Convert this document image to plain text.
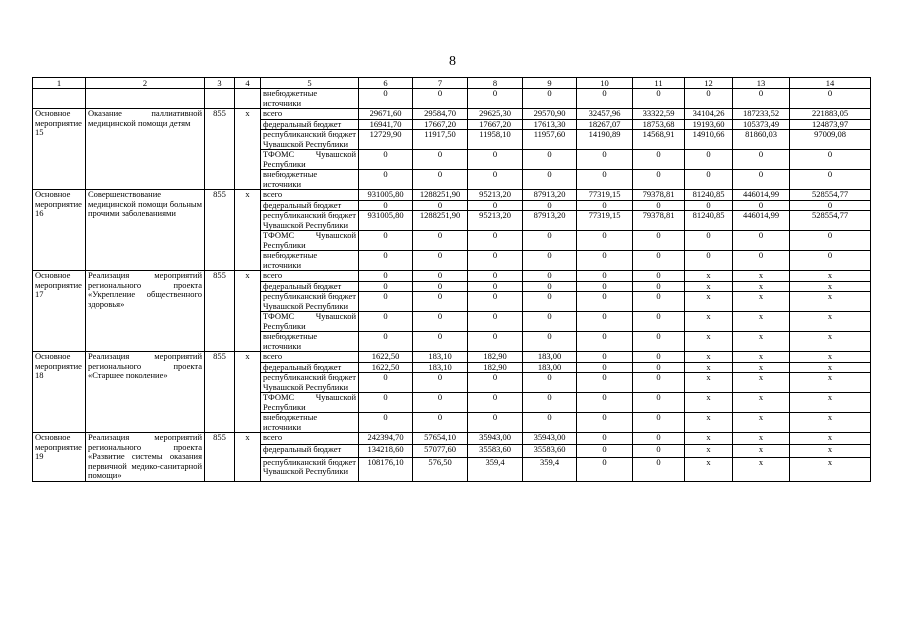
8
1	2	3	4	5	6	7	8	9	10	11	12	13	14
				внебюджетные источники	0	0	0	0	0	0	0	0	0
Основное мероприятие 15	Оказание паллиативной медицинской помощи детям	855	x	всего	29671,60	29584,70	29625,30	29570,90	32457,96	33322,59	34104,26	187233,52	221883,05
				федеральный бюджет	16941,70	17667,20	17667,20	17613,30	18267,07	18753,68	19193,60	105373,49	124873,97
				республиканский бюджет Чувашской Республики	12729,90	11917,50	11958,10	11957,60	14190,89	14568,91	14910,66	81860,03	97009,08
				ТФОМС Чувашской Республики	0	0	0	0	0	0	0	0	0
				внебюджетные источники	0	0	0	0	0	0	0	0	0
Основное мероприятие 16	Совершенствование медицинской помощи больным прочими заболеваниями	855	x	всего	931005,80	1288251,90	95213,20	87913,20	77319,15	79378,81	81240,85	446014,99	528554,77
				федеральный бюджет	0	0	0	0	0	0	0	0	0
				республиканский бюджет Чувашской Республики	931005,80	1288251,90	95213,20	87913,20	77319,15	79378,81	81240,85	446014,99	528554,77
				ТФОМС Чувашской Республики	0	0	0	0	0	0	0	0	0
				внебюджетные источники	0	0	0	0	0	0	0	0	0
Основное мероприятие 17	Реализация мероприятий регионального проекта «Укрепление общественного здоровья»	855	x	всего	0	0	0	0	0	0	x	x	x
				федеральный бюджет	0	0	0	0	0	0	x	x	x
				республиканский бюджет Чувашской Республики	0	0	0	0	0	0	x	x	x
				ТФОМС Чувашской Республики	0	0	0	0	0	0	x	x	x
				внебюджетные источники	0	0	0	0	0	0	x	x	x
Основное мероприятие 18	Реализация мероприятий регионального проекта «Старшее поколение»	855	x	всего	1622,50	183,10	182,90	183,00	0	0	x	x	x
				федеральный бюджет	1622,50	183,10	182,90	183,00	0	0	x	x	x
				республиканский бюджет Чувашской Республики	0	0	0	0	0	0	x	x	x
				ТФОМС Чувашской Республики	0	0	0	0	0	0	x	x	x
				внебюджетные источники	0	0	0	0	0	0	x	x	x
Основное мероприятие 19	Реализация мероприятий регионального проекта «Развитие системы оказания первичной медико-санитарной помощи»	855	x	всего	242394,70	57654,10	35943,00	35943,00	0	0	x	x	x
				федеральный бюджет	134218,60	57077,60	35583,60	35583,60	0	0	x	x	x
				республиканский бюджет Чувашской Республики	108176,10	576,50	359,4	359,4	0	0	x	x	x
